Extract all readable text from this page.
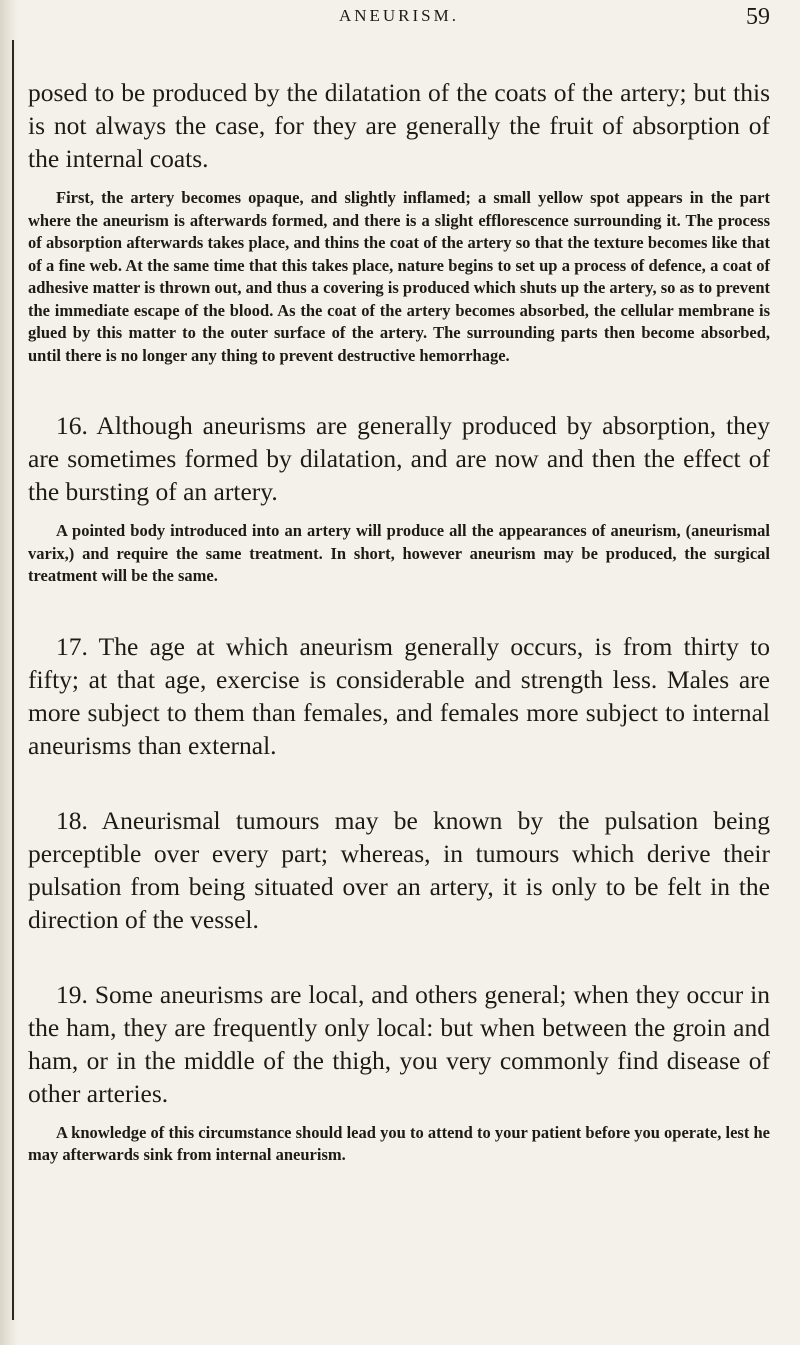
ANEURISM.	59

posed to be produced by the dilatation of the coats of the artery; but this is not always the case, for they are generally the fruit of absorption of the internal coats.

First, the artery becomes opaque, and slightly inflamed; a small yellow spot appears in the part where the aneurism is afterwards formed, and there is a slight efflorescence surrounding it. The process of absorption afterwards takes place, and thins the coat of the artery so that the texture becomes like that of a fine web. At the same time that this takes place, nature begins to set up a process of defence, a coat of adhesive matter is thrown out, and thus a covering is produced which shuts up the artery, so as to prevent the immediate escape of the blood. As the coat of the artery becomes absorbed, the cellular membrane is glued by this matter to the outer surface of the artery. The surrounding parts then become absorbed, until there is no longer any thing to prevent destructive hemorrhage.

16. Although aneurisms are generally produced by absorption, they are sometimes formed by dilatation, and are now and then the effect of the bursting of an artery.

A pointed body introduced into an artery will produce all the appearances of aneurism, (aneurismal varix,) and require the same treatment. In short, however aneurism may be produced, the surgical treatment will be the same.

17. The age at which aneurism generally occurs, is from thirty to fifty; at that age, exercise is considerable and strength less. Males are more subject to them than females, and females more subject to internal aneurisms than external.

18. Aneurismal tumours may be known by the pulsation being perceptible over every part; whereas, in tumours which derive their pulsation from being situated over an artery, it is only to be felt in the direction of the vessel.

19. Some aneurisms are local, and others general; when they occur in the ham, they are frequently only local: but when between the groin and ham, or in the middle of the thigh, you very commonly find disease of other arteries.

A knowledge of this circumstance should lead you to attend to your patient before you operate, lest he may afterwards sink from internal aneurism.
